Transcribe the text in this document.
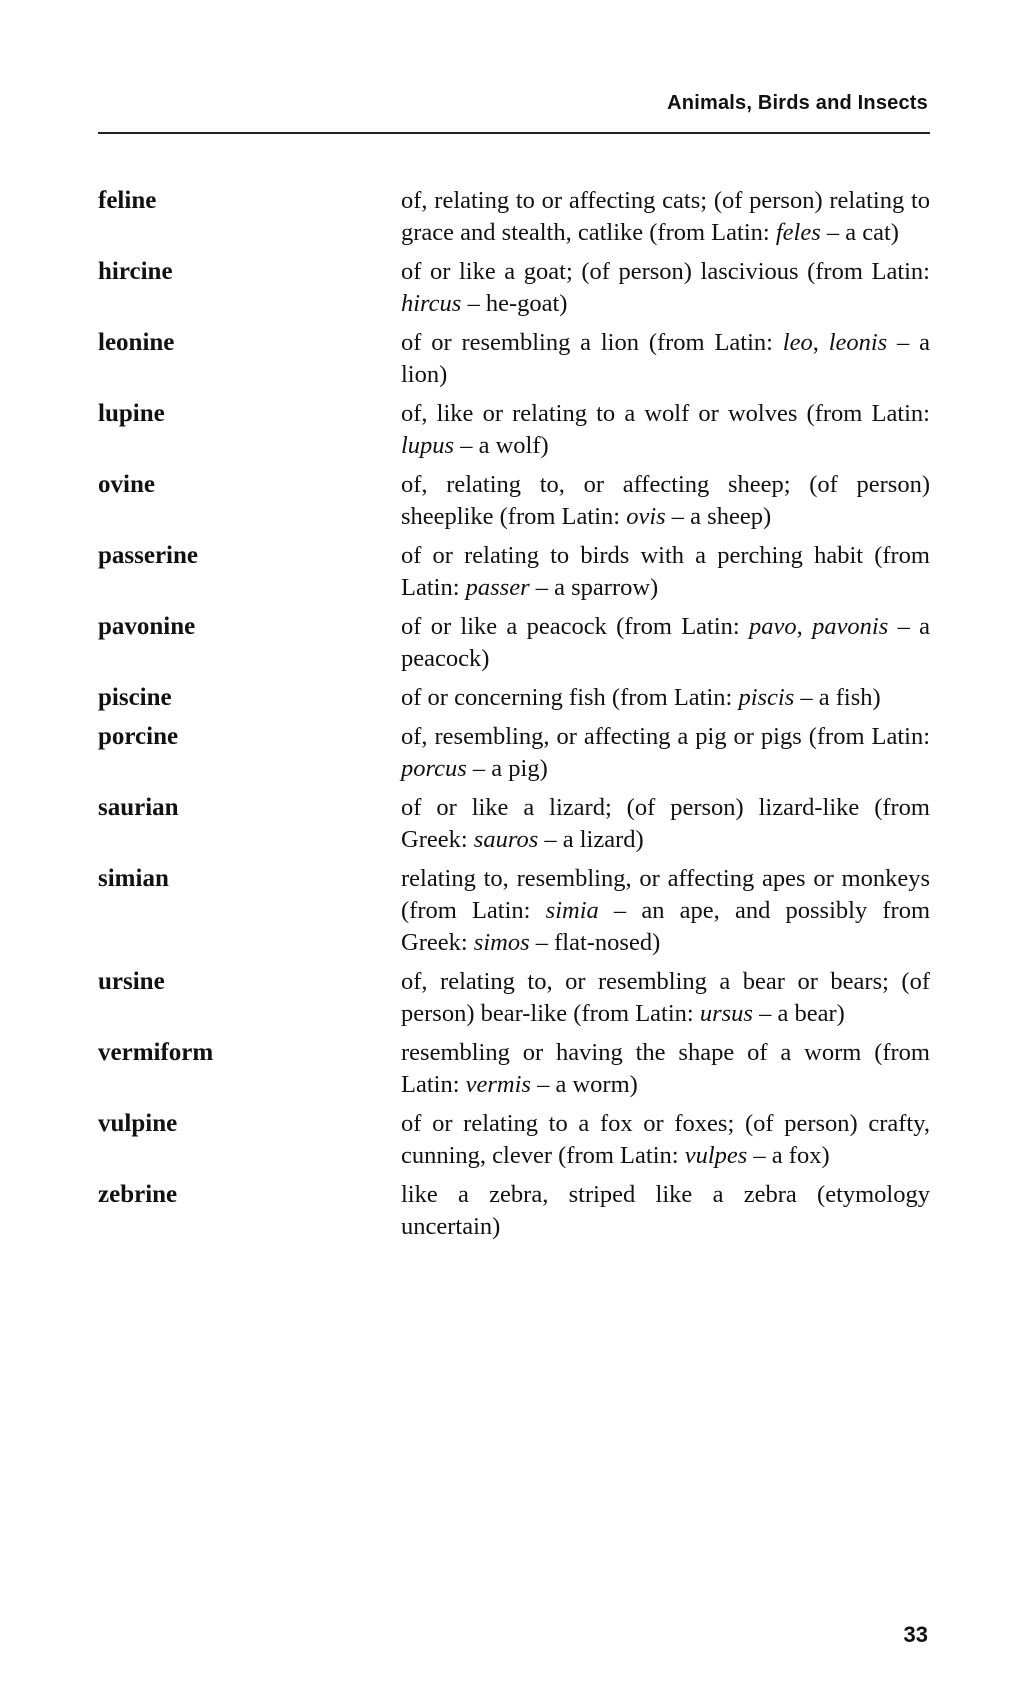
Animals, Birds and Insects
feline	of, relating to or affecting cats; (of person) relating to grace and stealth, catlike (from Latin: feles – a cat)
hircine	of or like a goat; (of person) lascivious (from Latin: hircus – he-goat)
leonine	of or resembling a lion (from Latin: leo, leonis – a lion)
lupine	of, like or relating to a wolf or wolves (from Latin: lupus – a wolf)
ovine	of, relating to, or affecting sheep; (of person) sheeplike (from Latin: ovis – a sheep)
passerine	of or relating to birds with a perching habit (from Latin: passer – a sparrow)
pavonine	of or like a peacock (from Latin: pavo, pavonis – a peacock)
piscine	of or concerning fish (from Latin: piscis – a fish)
porcine	of, resembling, or affecting a pig or pigs (from Latin: porcus – a pig)
saurian	of or like a lizard; (of person) lizard-like (from Greek: sauros – a lizard)
simian	relating to, resembling, or affecting apes or monkeys (from Latin: simia – an ape, and possibly from Greek: simos – flat-nosed)
ursine	of, relating to, or resembling a bear or bears; (of person) bear-like (from Latin: ursus – a bear)
vermiform	resembling or having the shape of a worm (from Latin: vermis – a worm)
vulpine	of or relating to a fox or foxes; (of person) crafty, cunning, clever (from Latin: vulpes – a fox)
zebrine	like a zebra, striped like a zebra (etymology uncertain)
33
